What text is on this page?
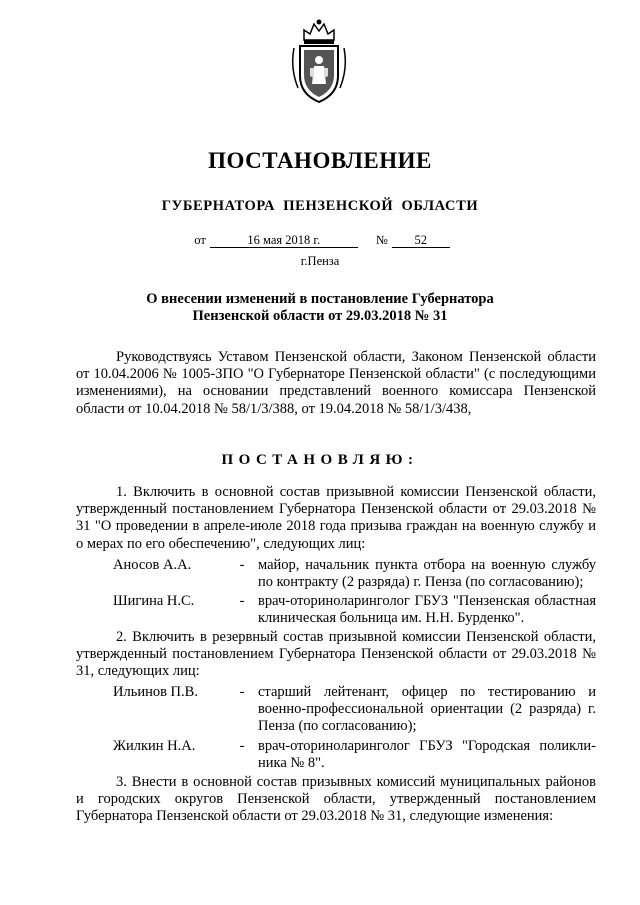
ПОСТАНОВЛЕНИЕ
ГУБЕРНАТОРА ПЕНЗЕНСКОЙ ОБЛАСТИ
от	16 мая 2018 г.	№ 52
г.Пенза
О внесении изменений в постановление Губернатора
Пензенской области от 29.03.2018 № 31

Руководствуясь Уставом Пензенской области, Законом Пензенской области от 10.04.2006 № 1005-ЗПО "О Губернаторе Пензенской области" (с последующими изменениями), на основании представлений военного комиссара Пензенской области от 10.04.2018 № 58/1/3/388, от 19.04.2018 № 58/1/3/438,

ПОСТАНОВЛЯЮ:

1. Включить в основной состав призывной комиссии Пензенской области, утвержденный постановлением Губернатора Пензенской области от 29.03.2018 № 31 "О проведении в апреле-июле 2018 года призыва граждан на военную службу и о мерах по его обеспечению", следующих лиц:

Аносов А.А.	- майор, начальник пункта отбора на военную службу по контракту (2 разряда) г. Пенза (по согласованию);
Шигина Н.С.	- врач-оториноларинголог ГБУЗ "Пензенская областная клиническая больница им. Н.Н. Бурденко".

2. Включить в резервный состав призывной комиссии Пензенской области, утвержденный постановлением Губернатора Пензенской области от 29.03.2018 № 31, следующих лиц:

Ильинов П.В.	- старший лейтенант, офицер по тестированию и военно-профессиональной ориентации (2 разряда) г. Пенза (по согласованию);
Жилкин Н.А.	- врач-оториноларинголог ГБУЗ "Городская поликли-ника № 8".

3. Внести в основной состав призывных комиссий муниципальных районов и городских округов Пензенской области, утвержденный постановлением Губернатора Пензенской области от 29.03.2018 № 31, следующие изменения:
